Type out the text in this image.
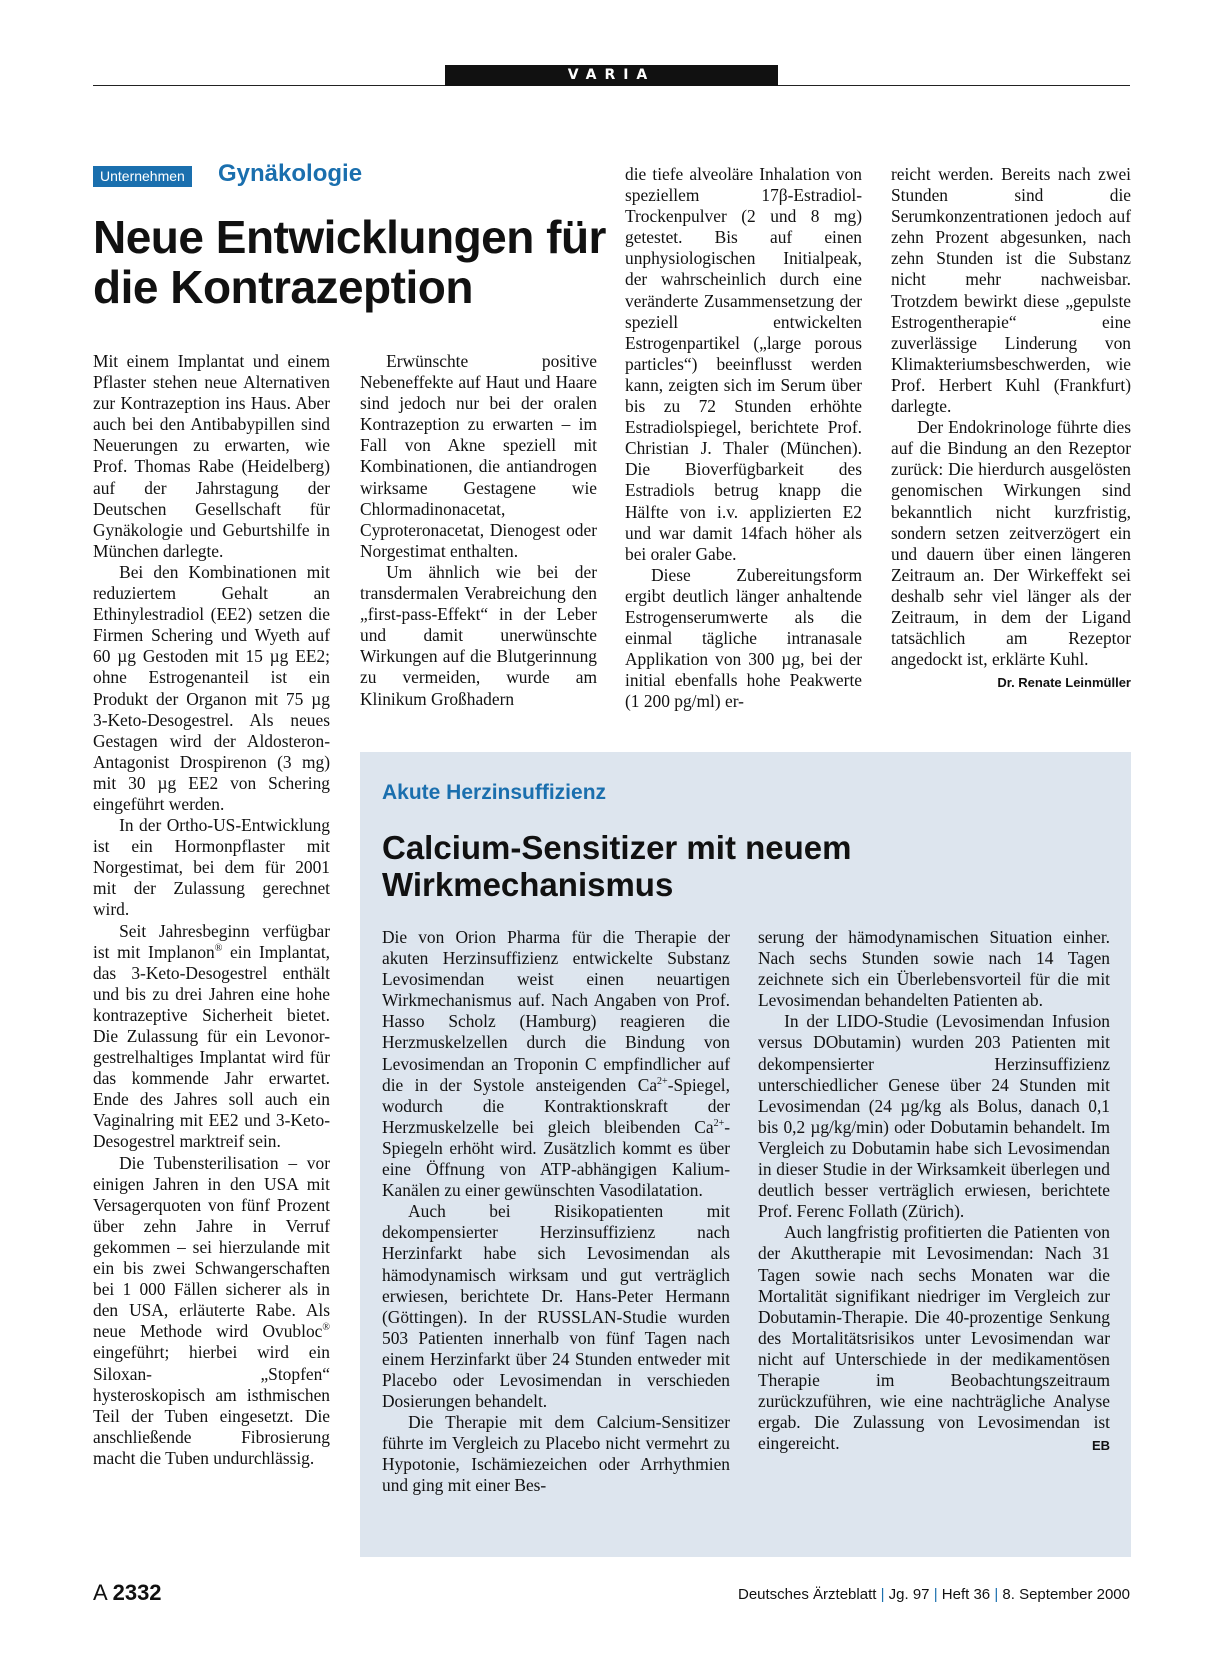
VARIA
Unternehmen Gynäkologie
Neue Entwicklungen für
die Kontrazeption

Mit einem Implantat und einem Pflaster stehen neue Alternativen zur Kontrazeption ins Haus. Aber auch bei den Antibabypillen sind Neuerungen zu erwarten, wie Prof. Thomas Rabe (Heidelberg) auf der Jahrstagung der Deutschen Gesellschaft für Gynäkologie und Geburtshilfe in München darlegte.

Bei den Kombinationen mit reduziertem Gehalt an Ethinylestradiol (EE2) setzen die Firmen Schering und Wyeth auf 60 µg Gestoden mit 15 µg EE2; ohne Estrogenanteil ist ein Produkt der Organon mit 75 µg 3-Keto-Desogestrel. Als neues Gestagen wird der Aldosteron-Antagonist Drospirenon (3 mg) mit 30 µg EE2 von Schering eingeführt werden.

In der Ortho-US-Entwicklung ist ein Hormonpflaster mit Norgestimat, bei dem für 2001 mit der Zulassung gerechnet wird.

Seit Jahresbeginn verfügbar ist mit Implanon® ein Implantat, das 3-Keto-Desogestrel enthält und bis zu drei Jahren eine hohe kontrazeptive Sicherheit bietet. Die Zulassung für ein Levonor-gestrelhaltiges Implantat wird für das kommende Jahr erwartet. Ende des Jahres soll auch ein Vaginalring mit EE2 und 3-Keto-Desogestrel marktreif sein.

Die Tubensterilisation – vor einigen Jahren in den USA mit Versagerquoten von fünf Prozent über zehn Jahre in Verruf gekommen – sei hierzulande mit ein bis zwei Schwangerschaften bei 1 000 Fällen sicherer als in den USA, erläuterte Rabe. Als neue Methode wird Ovubloc® eingeführt; hierbei wird ein Siloxan-	„Stopfen“ hysteroskopisch am isthmischen Teil der Tuben eingesetzt. Die anschließende Fibrosierung macht die Tuben undurchlässig.

Erwünschte positive Nebeneffekte auf Haut und Haare sind jedoch nur bei der oralen Kontrazeption zu erwarten – im Fall von Akne speziell mit Kombinationen, die antiandrogen wirksame Gestagene wie Chlormadinonacetat, Cyproteronacetat, Dienogest oder Norgestimat enthalten.

Um ähnlich wie bei der transdermalen Verabreichung den „first-pass-Effekt“ in der Leber und damit unerwünschte Wirkungen auf die Blutgerinnung zu vermeiden, wurde am Klinikum Großhadern

die tiefe alveoläre Inhalation von speziellem 17β-Estradiol-Trockenpulver (2 und 8 mg) getestet. Bis auf einen unphysiologischen Initialpeak, der wahrscheinlich durch eine veränderte Zusammensetzung der speziell entwickelten Estrogenpartikel („large porous particles“) beeinflusst werden kann, zeigten sich im Serum über bis zu 72 Stunden erhöhte Estradiolspiegel, berichtete Prof. Christian J. Thaler (München). Die Bioverfügbarkeit des Estradiols betrug knapp die Hälfte von i.v. applizierten E2 und war damit 14fach höher als bei oraler Gabe.

Diese Zubereitungsform ergibt deutlich länger anhaltende Estrogenserumwerte als die einmal tägliche intranasale Applikation von 300 µg, bei der initial ebenfalls hohe Peakwerte (1 200 pg/ml) er-

reicht werden. Bereits nach zwei Stunden sind die Serumkonzentrationen jedoch auf zehn Prozent abgesunken, nach zehn Stunden ist die Substanz nicht mehr nachweisbar. Trotzdem bewirkt diese „gepulste Estrogentherapie“ eine zuverlässige Linderung von Klimakteriumsbeschwerden, wie Prof. Herbert Kuhl (Frankfurt) darlegte.

Der Endokrinologe führte dies auf die Bindung an den Rezeptor zurück: Die hierdurch ausgelösten genomischen Wirkungen sind bekanntlich nicht kurzfristig, sondern setzen zeitverzögert ein und dauern über einen längeren Zeitraum an. Der Wirkeffekt sei deshalb sehr viel länger als der Zeitraum, in dem der Ligand tatsächlich am Rezeptor angedockt ist, erklärte Kuhl.
Dr. Renate Leinmüller

Akute Herzinsuffizienz
Calcium-Sensitizer mit neuem
Wirkmechanismus

Die von Orion Pharma für die Therapie der akuten Herzinsuffizienz entwickelte Substanz Levosimendan weist einen neuartigen Wirkmechanismus auf. Nach Angaben von Prof. Hasso Scholz (Hamburg) reagieren die Herzmuskelzellen durch die Bindung von Levosimendan an Troponin C empfindlicher auf die in der Systole ansteigenden $Ca^{2+}$-Spiegel, wodurch die Kontraktionskraft der Herzmuskelzelle bei gleich bleibenden $Ca^{2+}$-Spiegeln erhöht wird. Zusätzlich kommt es über eine Öffnung von ATP-abhängigen Kalium-Kanälen zu einer gewünschten Vasodilatation.

Auch bei Risikopatienten mit dekompensierter Herzinsuffizienz nach Herzinfarkt habe sich Levosimendan als hämodynamisch wirksam und gut verträglich erwiesen, berichtete Dr. Hans-Peter Hermann (Göttingen). In der RUSSLAN-Studie wurden 503 Patienten innerhalb von fünf Tagen nach einem Herzinfarkt über 24 Stunden entweder mit Placebo oder Levosimendan in verschieden Dosierungen behandelt.

Die Therapie mit dem Calcium-Sensitizer führte im Vergleich zu Placebo nicht vermehrt zu Hypotonie, Ischämiezeichen oder Arrhythmien und ging mit einer Bes-

serung der hämodynamischen Situation einher. Nach sechs Stunden sowie nach 14 Tagen zeichnete sich ein Überlebensvorteil für die mit Levosimendan behandelten Patienten ab.

In der LIDO-Studie (Levosimendan Infusion versus DObutamin) wurden 203 Patienten mit dekompensierter Herzinsuffizienz unterschiedlicher Genese über 24 Stunden mit Levosimendan (24 µg/kg als Bolus, danach 0,1 bis 0,2 µg/kg/min) oder Dobutamin behandelt. Im Vergleich zu Dobutamin habe sich Levosimendan in dieser Studie in der Wirksamkeit überlegen und deutlich besser verträglich erwiesen, berichtete Prof. Ferenc Follath (Zürich).

Auch langfristig profitierten die Patienten von der Akuttherapie mit Levosimendan: Nach 31 Tagen sowie nach sechs Monaten war die Mortalität signifikant niedriger im Vergleich zur Dobutamin-Therapie. Die 40-prozentige Senkung des Mortalitätsrisikos unter Levosimendan war nicht auf Unterschiede in der medikamentösen Therapie im Beobachtungszeitraum zurückzuführen, wie eine nachträgliche Analyse ergab. Die Zulassung von Levosimendan ist eingereicht.	EB

A 2332	Deutsches Ärzteblatt | Jg. 97 | Heft 36 | 8. September 2000
